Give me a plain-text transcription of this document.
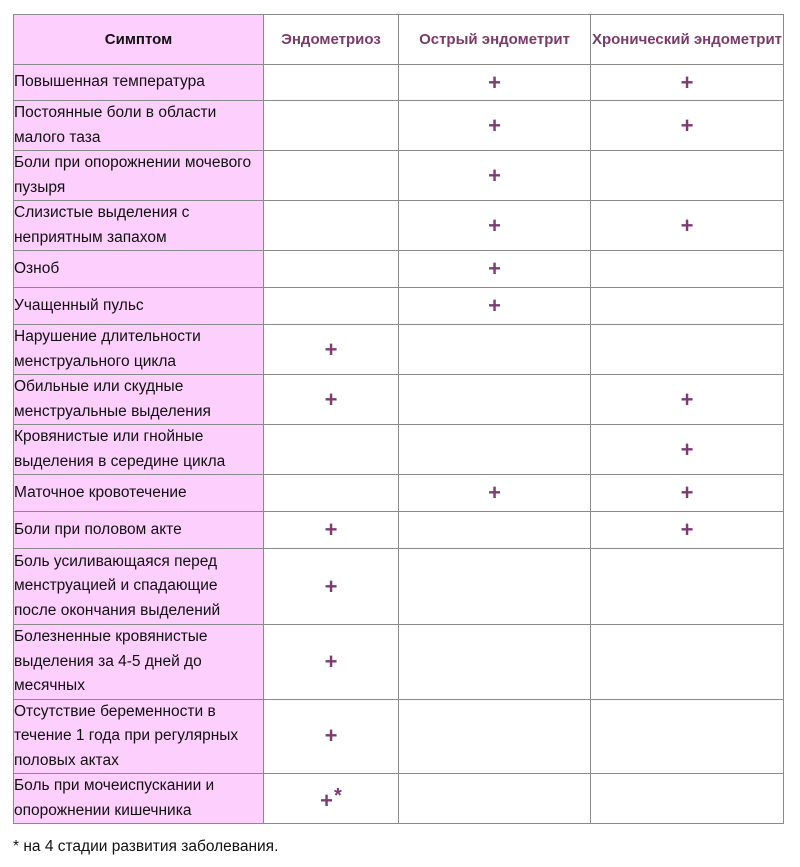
Симптом	Эндометриоз	Острый эндометрит	Хронический эндометрит
Повышенная температура		+	+
Постоянные боли в области малого таза		+	+
Боли при опорожнении мочевого пузыря		+	
Слизистые выделения с неприятным запахом		+	+
Озноб		+	
Учащенный пульс		+	
Нарушение длительности менструального цикла	+		
Обильные или скудные менструальные выделения	+		+
Кровянистые или гнойные выделения в середине цикла			+
Маточное кровотечение		+	+
Боли при половом акте	+		+
Боль усиливающаяся перед менструацией и спадающие после окончания выделений	+		
Болезненные кровянистые выделения за 4-5 дней до месячных	+		
Отсутствие беременности в течение 1 года при регулярных половых актах	+		
Боль при мочеиспускании и опорожнении кишечника	+*		
* на 4 стадии развития заболевания.
